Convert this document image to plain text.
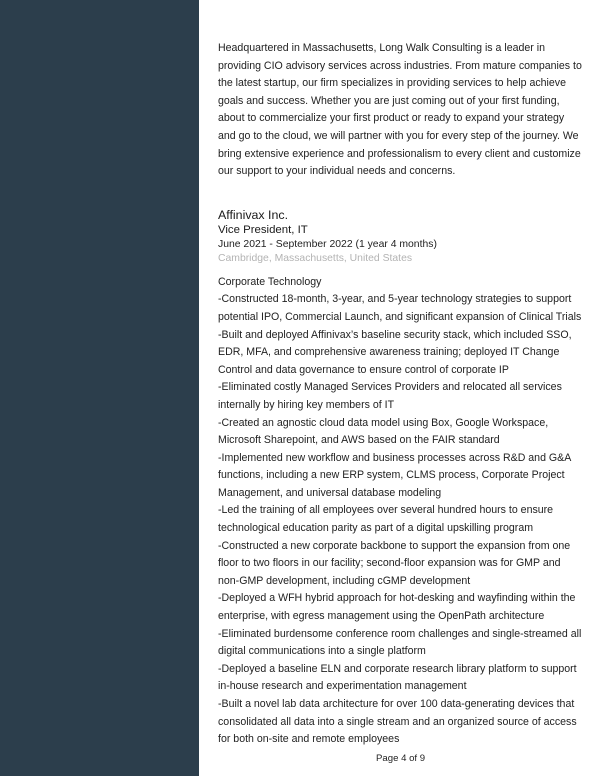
Headquartered in Massachusetts, Long Walk Consulting is a leader in providing CIO advisory services across industries. From mature companies to the latest startup, our firm specializes in providing services to help achieve goals and success. Whether you are just coming out of your first funding, about to commercialize your first product or ready to expand your strategy and go to the cloud, we will partner with you for every step of the journey. We bring extensive experience and professionalism to every client and customize our support to your individual needs and concerns.

Affinivax Inc.
Vice President, IT
June 2021 - September 2022 (1 year 4 months)
Cambridge, Massachusetts, United States
Corporate Technology
-Constructed 18-month, 3-year, and 5-year technology strategies to support potential IPO, Commercial Launch, and significant expansion of Clinical Trials
-Built and deployed Affinivax’s baseline security stack, which included SSO, EDR, MFA, and comprehensive awareness training; deployed IT Change Control and data governance to ensure control of corporate IP
-Eliminated costly Managed Services Providers and relocated all services internally by hiring key members of IT
-Created an agnostic cloud data model using Box, Google Workspace, Microsoft Sharepoint, and AWS based on the FAIR standard
-Implemented new workflow and business processes across R&D and G&A functions, including a new ERP system, CLMS process, Corporate Project Management, and universal database modeling
-Led the training of all employees over several hundred hours to ensure technological education parity as part of a digital upskilling program
-Constructed a new corporate backbone to support the expansion from one floor to two floors in our facility; second-floor expansion was for GMP and non-GMP development, including cGMP development
-Deployed a WFH hybrid approach for hot-desking and wayfinding within the enterprise, with egress management using the OpenPath architecture
-Eliminated burdensome conference room challenges and single-streamed all digital communications into a single platform
-Deployed a baseline ELN and corporate research library platform to support in-house research and experimentation management
-Built a novel lab data architecture for over 100 data-generating devices that consolidated all data into a single stream and an organized source of access for both on-site and remote employees
Page 4 of 9
